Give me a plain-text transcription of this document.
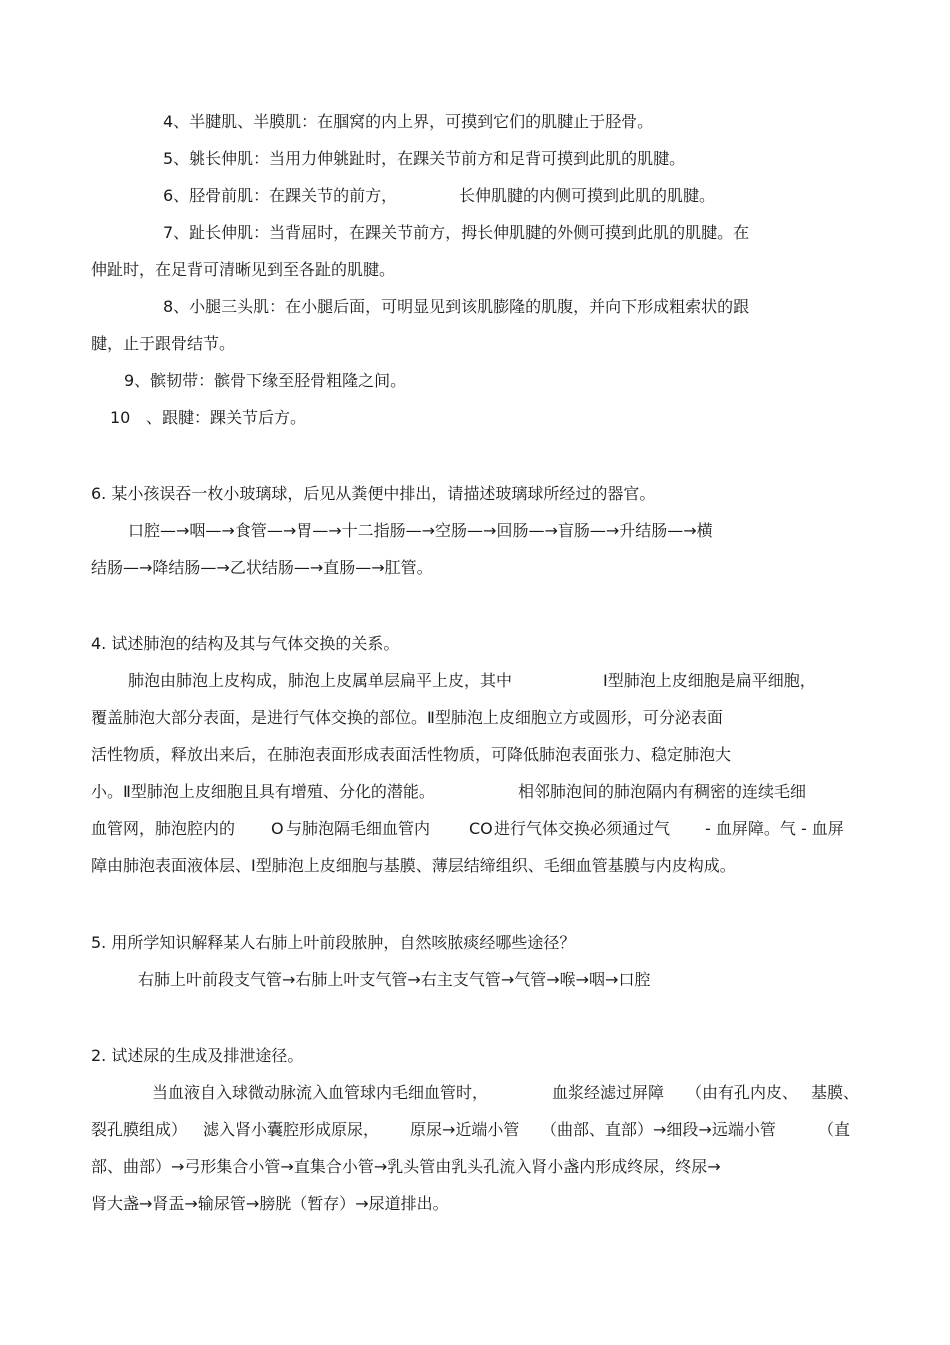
4、半腱肌、半膜肌：在腘窝的内上界，可摸到它们的肌腱止于胫骨。

5、䠷长伸肌：当用力伸䠷趾时，在踝关节前方和足背可摸到此肌的肌腱。

6、胫骨前肌：在踝关节的前方，	长伸肌腱的内侧可摸到此肌的肌腱。

7、趾长伸肌：当背屈时，在踝关节前方，拇长伸肌腱的外侧可摸到此肌的肌腱。在

伸趾时，在足背可清晰见到至各趾的肌腱。

8、小腿三头肌：在小腿后面，可明显见到该肌膨隆的肌腹，并向下形成粗索状的跟

腱，止于跟骨结节。

9、髌韧带：髌骨下缘至胫骨粗隆之间。

10 、跟腱：踝关节后方。

6. 某小孩误吞一枚小玻璃球，后见从粪便中排出，请描述玻璃球所经过的器官。

口腔—→咽—→食管—→胃—→十二指肠—→空肠—→回肠—→盲肠—→升结肠—→横

结肠—→降结肠—→乙状结肠—→直肠—→肛管。

4. 试述肺泡的结构及其与气体交换的关系。

肺泡由肺泡上皮构成，肺泡上皮属单层扁平上皮，其中	Ⅰ型肺泡上皮细胞是扁平细胞，

覆盖肺泡大部分表面，是进行气体交换的部位。Ⅱ型肺泡上皮细胞立方或圆形，可分泌表面

活性物质，释放出来后，在肺泡表面形成表面活性物质，可降低肺泡表面张力、稳定肺泡大

小。Ⅱ型肺泡上皮细胞且具有增殖、分化的潜能。	相邻肺泡间的肺泡隔内有稠密的连续毛细

血管网，肺泡腔内的 O 与肺泡隔毛细血管内 CO 进行气体交换必须通过气 - 血屏障。气 - 血屏

障由肺泡表面液体层、Ⅰ型肺泡上皮细胞与基膜、薄层结缔组织、毛细血管基膜与内皮构成。

5. 用所学知识解释某人右肺上叶前段脓肿，自然咳脓痰经哪些途径？

右肺上叶前段支气管→右肺上叶支气管→右主支气管→气管→喉→咽→口腔

2. 试述尿的生成及排泄途径。

当血液自入球微动脉流入血管球内毛细血管时，	血浆经滤过屏障 （由有孔内皮、 基膜、

裂孔膜组成） 滤入肾小囊腔形成原尿， 原尿→近端小管 （曲部、直部）→细段→远端小管	（直

部、曲部）→弓形集合小管→直集合小管→乳头管由乳头孔流入肾小盏内形成终尿，终尿→

肾大盏→肾盂→输尿管→膀胱（暂存）→尿道排出。
